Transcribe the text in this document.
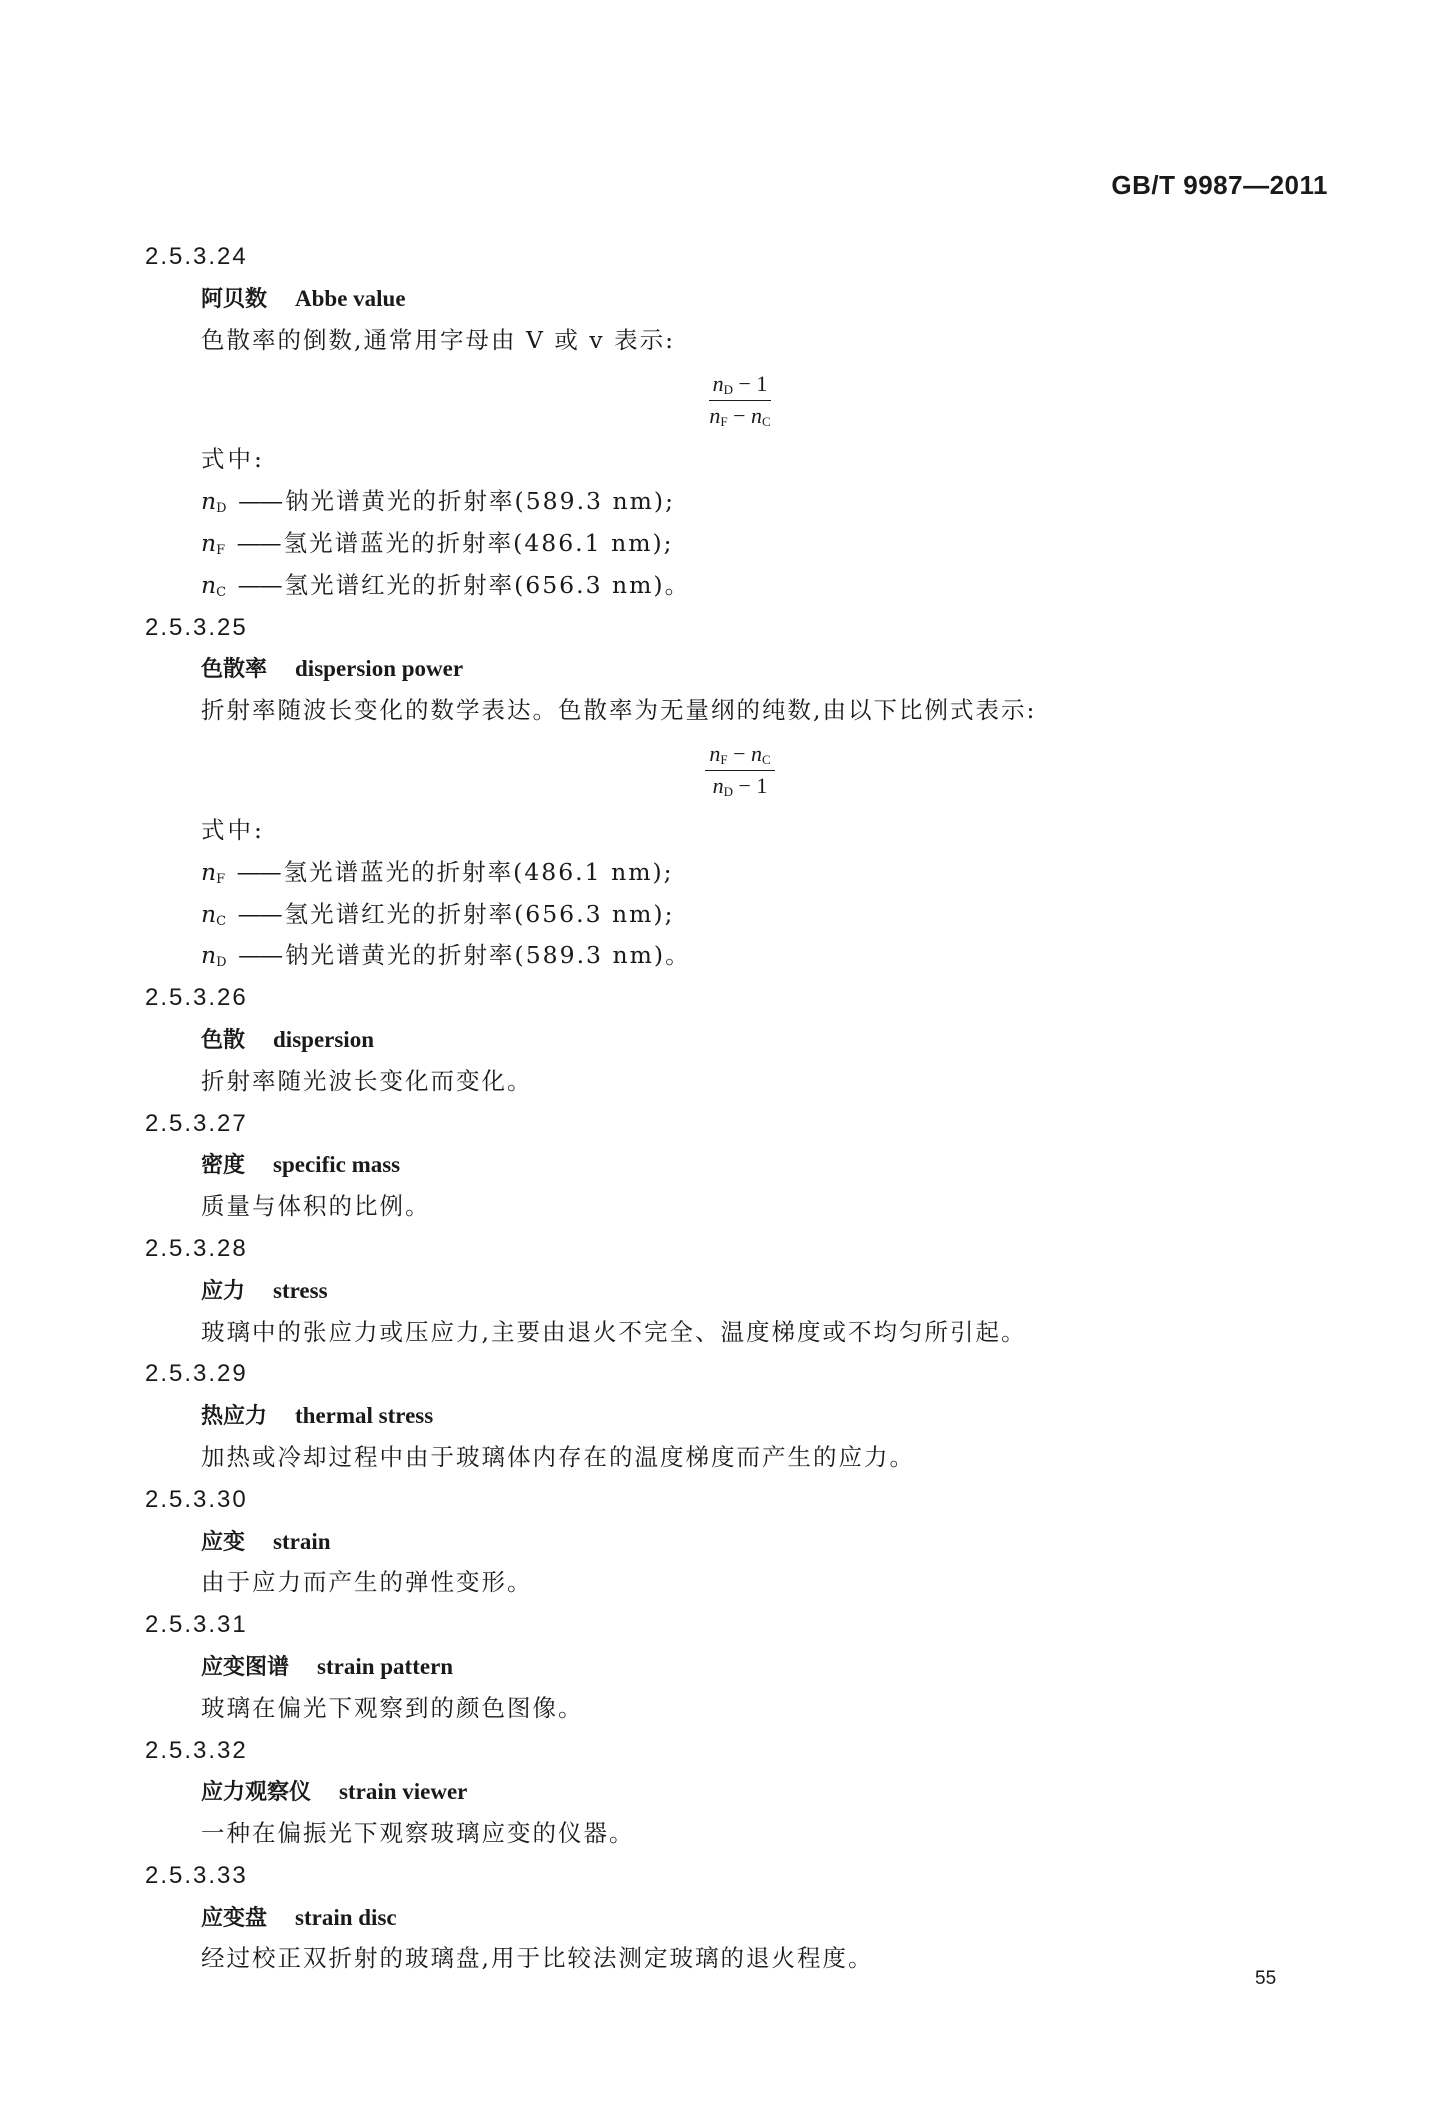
GB/T 9987—2011
2.5.3.24
阿贝数 Abbe value
色散率的倒数,通常用字母由 V 或 v 表示:
$n_D - 1$
$n_F - n_C$
式中:
$n_D$ —— 钠光谱黄光的折射率(589.3 nm);
$n_F$ —— 氢光谱蓝光的折射率(486.1 nm);
$n_C$ —— 氢光谱红光的折射率(656.3 nm)。
2.5.3.25
色散率 dispersion power
折射率随波长变化的数学表达。色散率为无量纲的纯数,由以下比例式表示:
$n_F - n_C$
$n_D - 1$
式中:
$n_F$ —— 氢光谱蓝光的折射率(486.1 nm);
$n_C$ —— 氢光谱红光的折射率(656.3 nm);
$n_D$ —— 钠光谱黄光的折射率(589.3 nm)。
2.5.3.26
色散 dispersion
折射率随光波长变化而变化。
2.5.3.27
密度 specific mass
质量与体积的比例。
2.5.3.28
应力 stress
玻璃中的张应力或压应力,主要由退火不完全、温度梯度或不均匀所引起。
2.5.3.29
热应力 thermal stress
加热或冷却过程中由于玻璃体内存在的温度梯度而产生的应力。
2.5.3.30
应变 strain
由于应力而产生的弹性变形。
2.5.3.31
应变图谱 strain pattern
玻璃在偏光下观察到的颜色图像。
2.5.3.32
应力观察仪 strain viewer
一种在偏振光下观察玻璃应变的仪器。
2.5.3.33
应变盘 strain disc
经过校正双折射的玻璃盘,用于比较法测定玻璃的退火程度。
55
